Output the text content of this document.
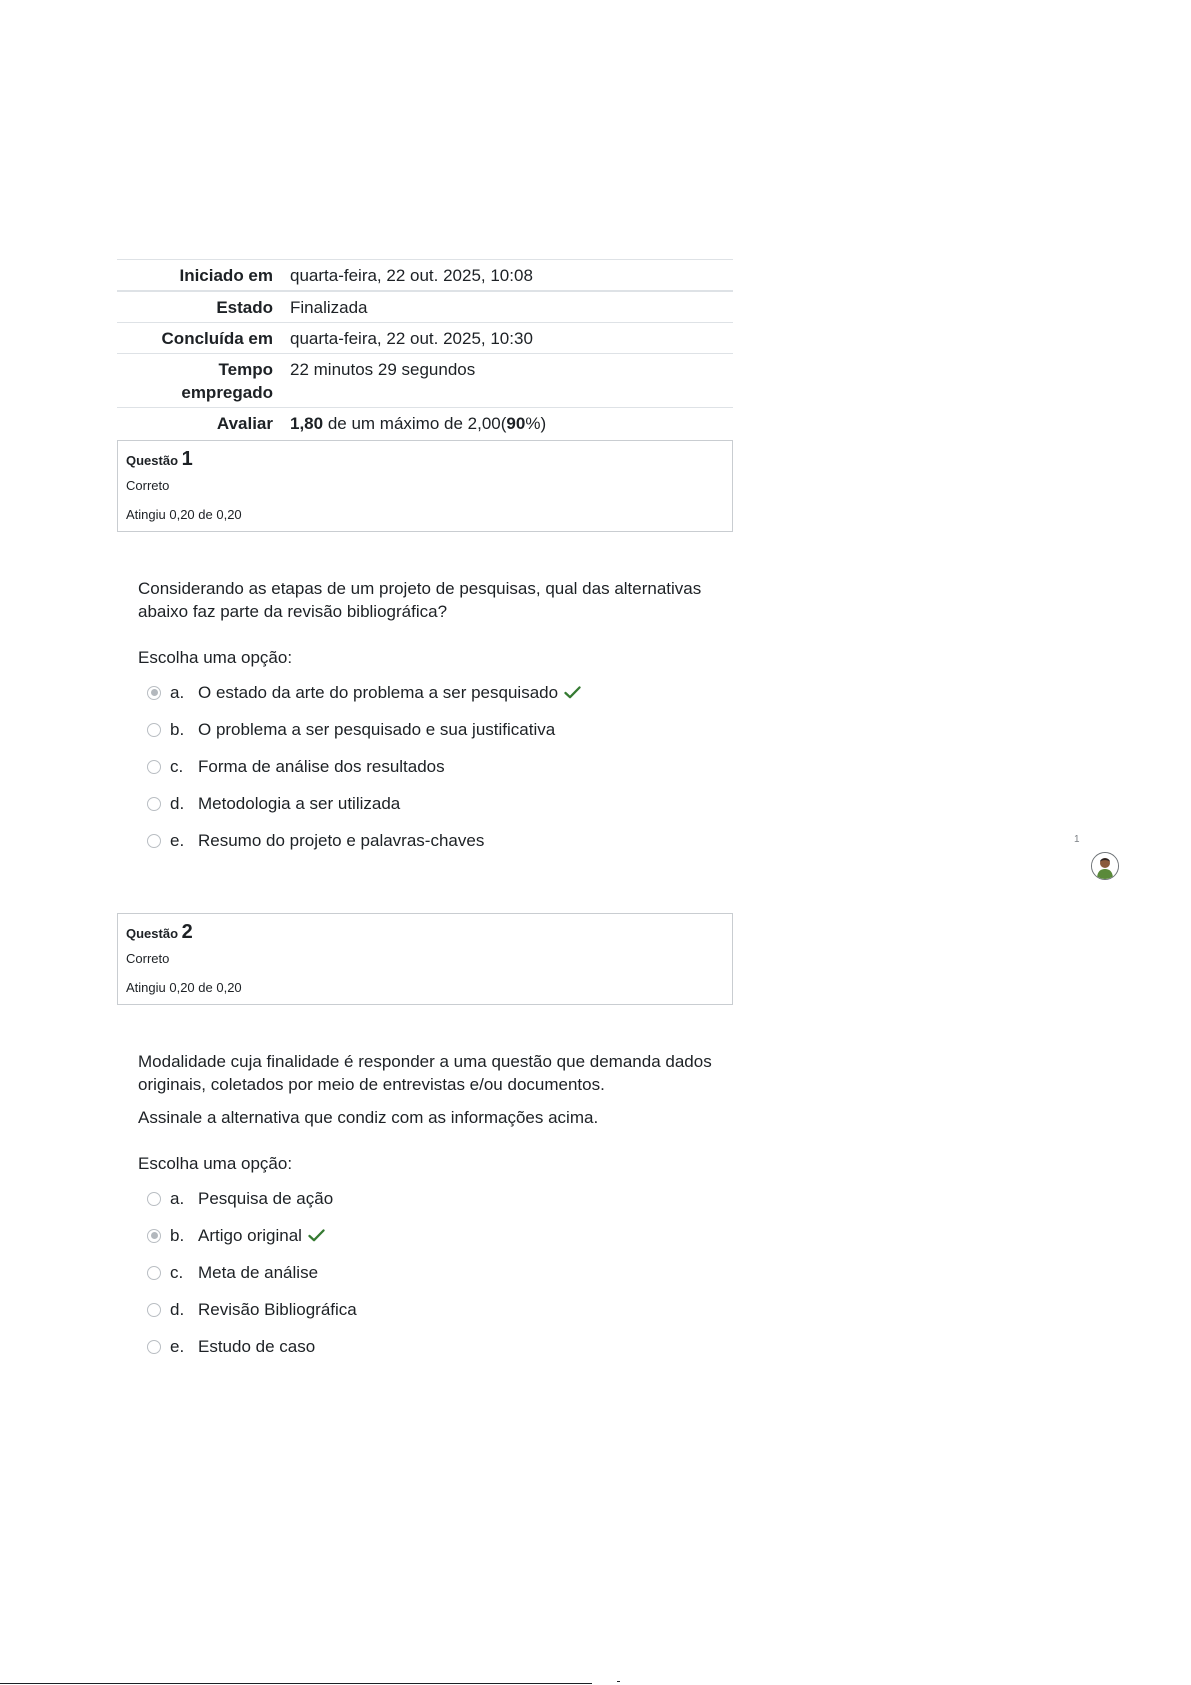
Iniciado em	quarta-feira, 22 out. 2025, 10:08
Estado	Finalizada
Concluída em	quarta-feira, 22 out. 2025, 10:30
Tempo empregado	22 minutos 29 segundos
Avaliar	1,80 de um máximo de 2,00(90%)
Questão 1
Correto
Atingiu 0,20 de 0,20

Considerando as etapas de um projeto de pesquisas, qual das alternativas abaixo faz parte da revisão bibliográfica?

Escolha uma opção:
a. O estado da arte do problema a ser pesquisado
b. O problema a ser pesquisado e sua justificativa
c. Forma de análise dos resultados
d. Metodologia a ser utilizada
e. Resumo do projeto e palavras-chaves
Questão 2
Correto
Atingiu 0,20 de 0,20

Modalidade cuja finalidade é responder a uma questão que demanda dados originais, coletados por meio de entrevistas e/ou documentos.

Assinale a alternativa que condiz com as informações acima.

Escolha uma opção:
a. Pesquisa de ação
b. Artigo original
c. Meta de análise
d. Revisão Bibliográfica
e. Estudo de caso
1
